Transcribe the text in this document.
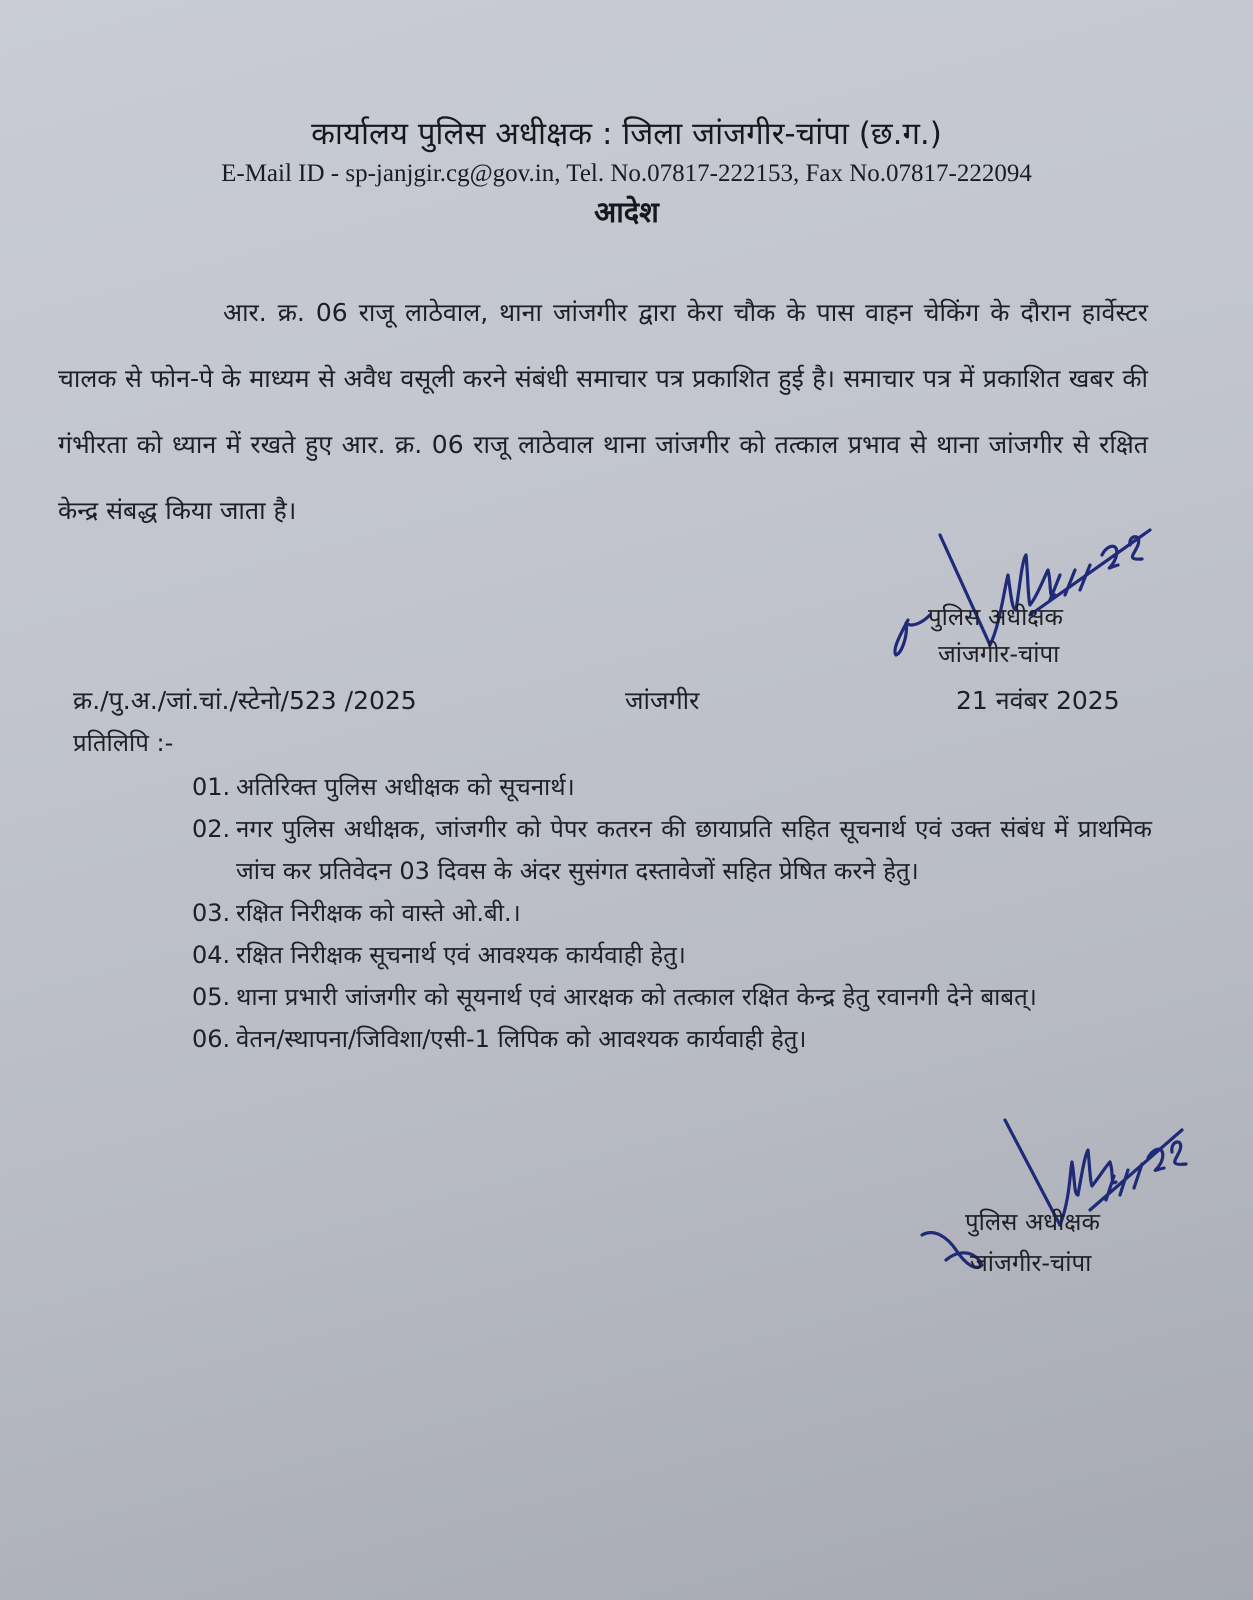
कार्यालय पुलिस अधीक्षक : जिला जांजगीर-चांपा (छ.ग.)
E-Mail ID - sp-janjgir.cg@gov.in, Tel. No.07817-222153, Fax No.07817-222094
आदेश
आर. क्र. 06 राजू लाठेवाल, थाना जांजगीर द्वारा केरा चौक के पास वाहन चेकिंग के दौरान हार्वेस्टर चालक से फोन-पे के माध्यम से अवैध वसूली करने संबंधी समाचार पत्र प्रकाशित हुई है। समाचार पत्र में प्रकाशित खबर की गंभीरता को ध्यान में रखते हुए आर. क्र. 06 राजू लाठेवाल थाना जांजगीर को तत्काल प्रभाव से थाना जांजगीर से रक्षित केन्द्र संबद्ध किया जाता है।
पुलिस अधीक्षक
जांजगीर-चांपा
क्र./पु.अ./जां.चां./स्टेनो/523 /2025	जांजगीर	21 नवंबर 2025
प्रतिलिपि :-
01. अतिरिक्त पुलिस अधीक्षक को सूचनार्थ।
02. नगर पुलिस अधीक्षक, जांजगीर को पेपर कतरन की छायाप्रति सहित सूचनार्थ एवं उक्त संबंध में प्राथमिक जांच कर प्रतिवेदन 03 दिवस के अंदर सुसंगत दस्तावेजों सहित प्रेषित करने हेतु।
03. रक्षित निरीक्षक को वास्ते ओ.बी.।
04. रक्षित निरीक्षक सूचनार्थ एवं आवश्यक कार्यवाही हेतु।
05. थाना प्रभारी जांजगीर को सूयनार्थ एवं आरक्षक को तत्काल रक्षित केन्द्र हेतु रवानगी देने बाबत्।
06. वेतन/स्थापना/जिविशा/एसी-1 लिपिक को आवश्यक कार्यवाही हेतु।
पुलिस अधीक्षक
जांजगीर-चांपा
